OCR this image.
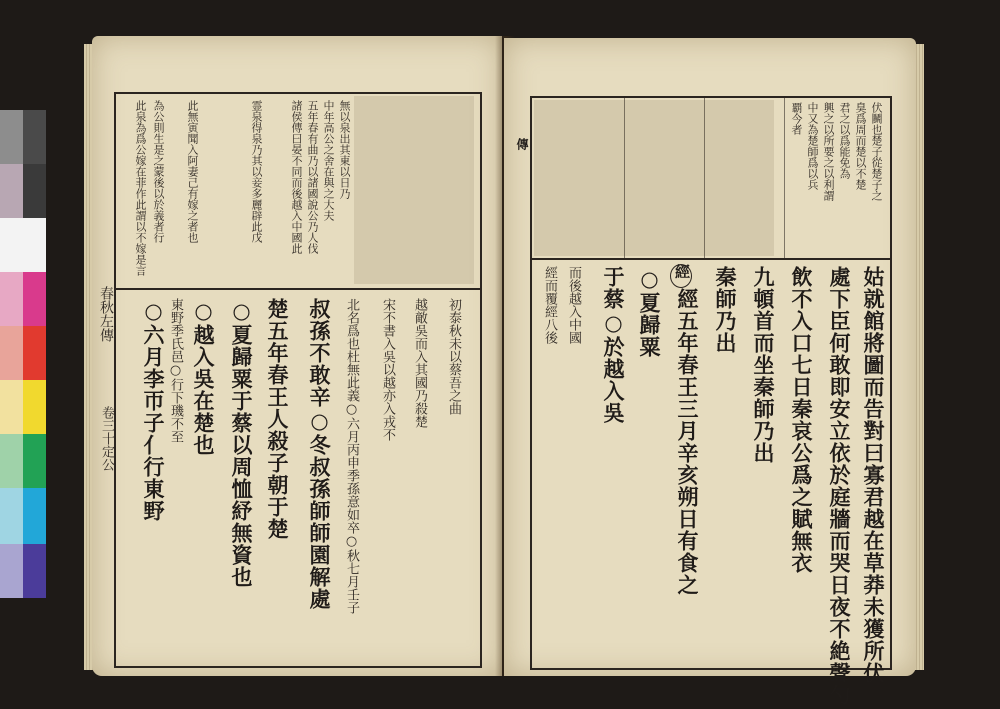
此泉為爲公嫁在菲作此謂以不嫁是言 為公則生是之蒙後以於義者行 此無寅聞入阿妻己有嫁之者也	霊泉得泉乃其以妾多麗辟此戊 諸侯傳曰晏不同而後越入中國此 五年春有曲乃以諸國說公乃人伐 中年高公之舍在與之大夫 無以泉出其東以日乃
○六月李帀子亻行東野 東野季氏邑○行下璣不至 ○越入吳在楚也 ○夏歸粟于蔡以周恤紓無資也 楚五年春王人殺子朝于楚 叔孫不敢辛○冬叔孫師師園解處 北名爲也杜無此義○六月丙申季孫意如卒○秋七月壬子 宋不書入吳以越亦入戎不 越敵吳而入其國乃殺楚 初泰秋未以蔡吾之曲
春秋左傳
卷三十定公
伏鬭也楚子從楚子之
臭爲周而楚以不楚
君之以爲能免為
興之以所要之以利謂
中又為楚師爲以兵
覇今者
姑就館將圖而告對曰寡君越在草莽未獲所伏
處下臣何敢即安立依於庭牆而哭日夜不絶聲勺
飲不入口七日秦哀公爲之賦無衣
九頓首而坐秦師乃出
秦師乃出
經五年春王三月辛亥朔日有食之
○夏歸粟
于蔡○於越入吳
而後越入中國
經而覆經八後	經
傳
